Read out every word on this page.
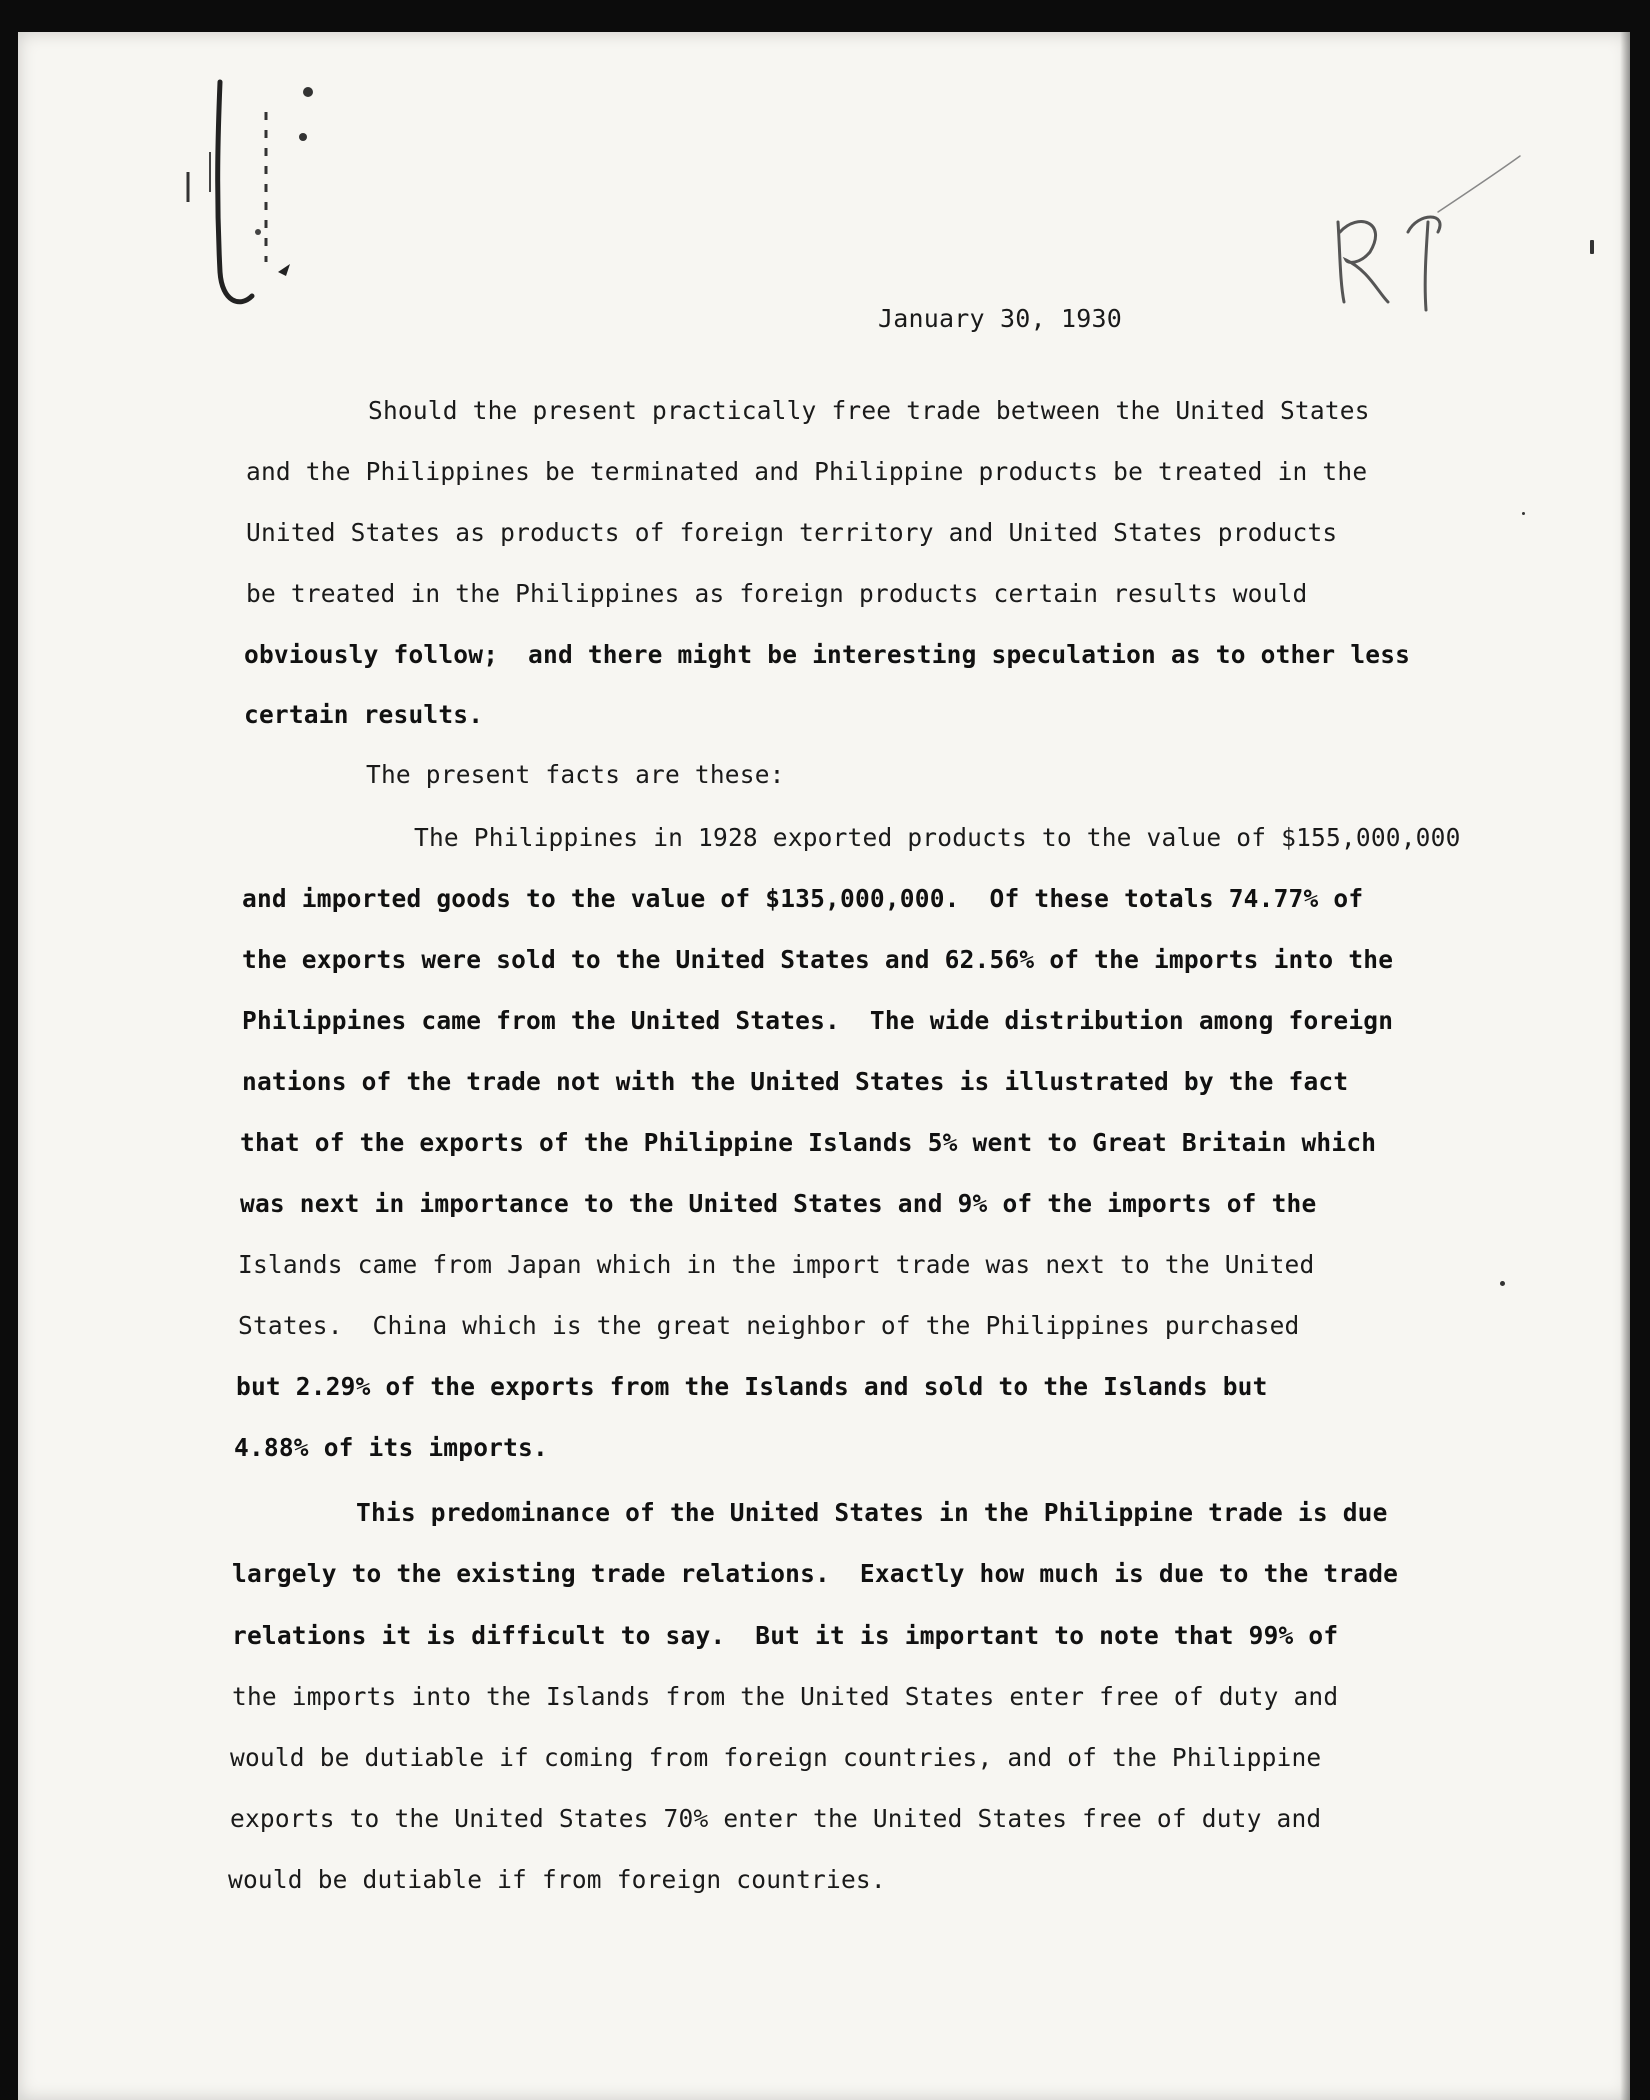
January 30, 1930

Should the present practically free trade between the United States

and the Philippines be terminated and Philippine products be treated in the

United States as products of foreign territory and United States products

be treated in the Philippines as foreign products certain results would

obviously follow;  and there might be interesting speculation as to other less

certain results.

The present facts are these:

The Philippines in 1928 exported products to the value of $155,000,000

and imported goods to the value of $135,000,000.  Of these totals 74.77% of

the exports were sold to the United States and 62.56% of the imports into the

Philippines came from the United States.  The wide distribution among foreign

nations of the trade not with the United States is illustrated by the fact

that of the exports of the Philippine Islands 5% went to Great Britain which

was next in importance to the United States and 9% of the imports of the

Islands came from Japan which in the import trade was next to the United

States.  China which is the great neighbor of the Philippines purchased

but 2.29% of the exports from the Islands and sold to the Islands but

4.88% of its imports.

This predominance of the United States in the Philippine trade is due

largely to the existing trade relations.  Exactly how much is due to the trade

relations it is difficult to say.  But it is important to note that 99% of

the imports into the Islands from the United States enter free of duty and

would be dutiable if coming from foreign countries, and of the Philippine

exports to the United States 70% enter the United States free of duty and

would be dutiable if from foreign countries.
